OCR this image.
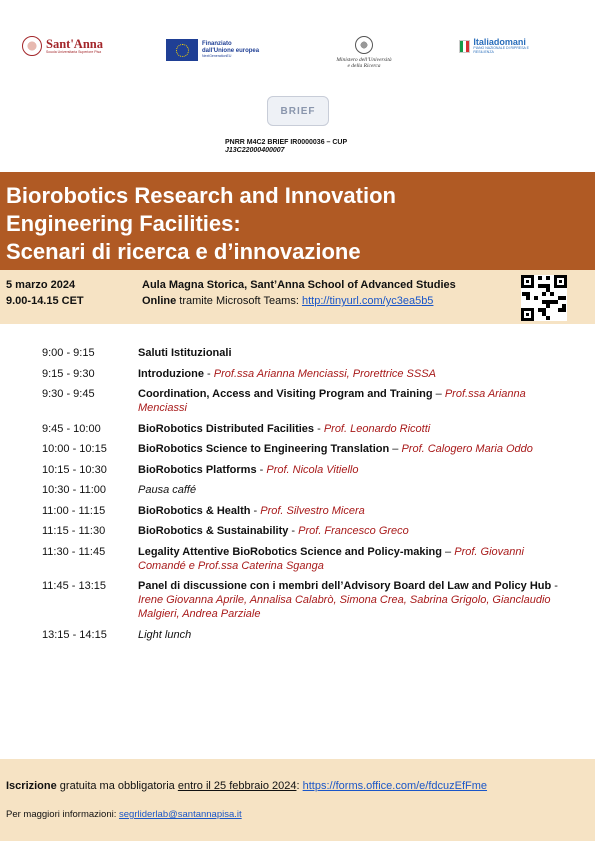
Sant'Anna
Scuola Universitaria Superiore Pisa
Finanziato
dall'Unione europea
NextGenerationEU
Ministero dell'Università
e della Ricerca
Italiadomani
PIANO NAZIONALE DI RIPRESA E RESILIENZA
BRIEF
PNRR M4C2 BRIEF IR0000036 – CUP
J13C22000400007
Biorobotics Research and Innovation
Engineering Facilities:
Scenari di ricerca e d’innovazione
5 marzo 2024
9.00-14.15 CET
Aula Magna Storica, Sant’Anna School of Advanced Studies
Online tramite Microsoft Teams: http://tinyurl.com/yc3ea5b5
9:00 - 9:15	Saluti Istituzionali
9:15 - 9:30	Introduzione - Prof.ssa Arianna Menciassi, Prorettrice SSSA
9:30 - 9:45	Coordination, Access and Visiting Program and Training – Prof.ssa Arianna Menciassi
9:45 - 10:00	BioRobotics Distributed Facilities - Prof. Leonardo Ricotti
10:00 - 10:15	BioRobotics Science to Engineering Translation – Prof. Calogero Maria Oddo
10:15 - 10:30	BioRobotics Platforms - Prof. Nicola Vitiello
10:30 - 11:00	Pausa caffé
11:00 - 11:15	BioRobotics & Health - Prof. Silvestro Micera
11:15 - 11:30	BioRobotics & Sustainability - Prof. Francesco Greco
11:30 - 11:45	Legality Attentive BioRobotics Science and Policy-making – Prof. Giovanni Comandé e Prof.ssa Caterina Sganga
11:45 - 13:15	Panel di discussione con i membri dell’Advisory Board del Law and Policy Hub - Irene Giovanna Aprile, Annalisa Calabrò, Simona Crea, Sabrina Grigolo, Gianclaudio Malgieri, Andrea Parziale
13:15 - 14:15	Light lunch
Iscrizione gratuita ma obbligatoria entro il 25 febbraio 2024: https://forms.office.com/e/fdcuzEfFme
Per maggiori informazioni: segrliderlab@santannapisa.it
